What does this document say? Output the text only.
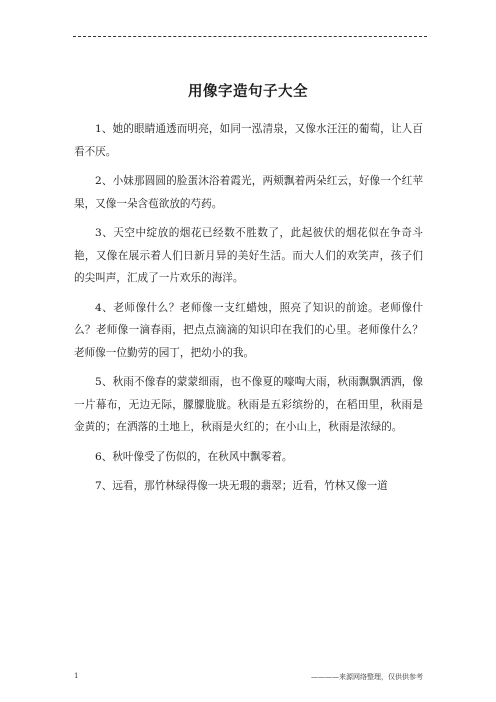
用像字造句子大全

1、她的眼睛通透而明亮，如同一泓清泉，又像水汪汪的葡萄，让人百看不厌。

2、小妹那圆圆的脸蛋沐浴着霞光，两颊飘着两朵红云，好像一个红苹果，又像一朵含苞欲放的芍药。

3、天空中绽放的烟花已经数不胜数了，此起彼伏的烟花似在争奇斗艳，又像在展示着人们日新月异的美好生活。而大人们的欢笑声，孩子们的尖叫声，汇成了一片欢乐的海洋。

4、老师像什么？老师像一支红蜡烛，照亮了知识的前途。老师像什么？老师像一滴春雨，把点点滴滴的知识印在我们的心里。老师像什么？老师像一位勤劳的园丁，把幼小的我。

5、秋雨不像春的蒙蒙细雨，也不像夏的嚎啕大雨，秋雨飘飘洒洒，像一片幕布，无边无际，朦朦胧胧。秋雨是五彩缤纷的，在稻田里，秋雨是金黄的；在洒落的土地上，秋雨是火红的；在小山上，秋雨是浓绿的。

6、秋叶像受了伤似的，在秋风中飘零着。

7、远看，那竹林绿得像一块无瑕的翡翠；近看，竹林又像一道

1	————来源网络整理，仅供供参考
